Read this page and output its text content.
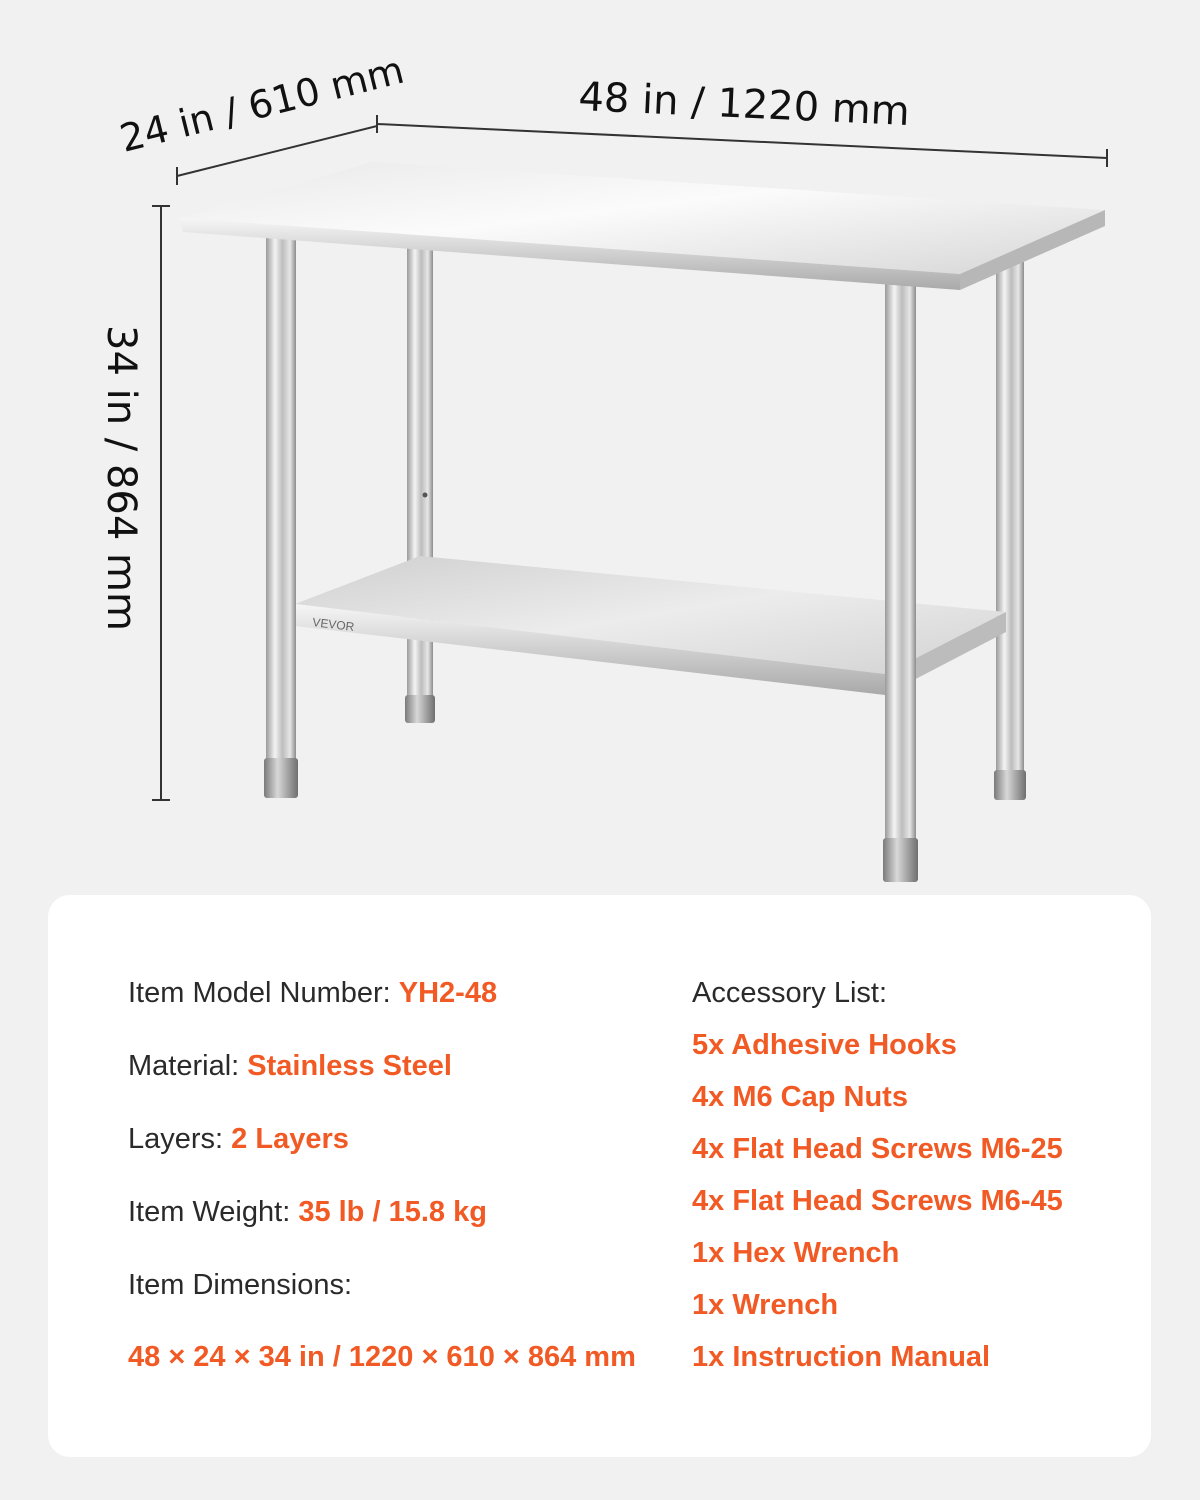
48 in / 1220 mm
24 in / 610 mm
34 in / 864 mm	VEVOR
Item Model Number: YH2-48
Material: Stainless Steel
Layers: 2 Layers
Item Weight: 35 lb / 15.8 kg
Item Dimensions:
48 × 24 × 34 in / 1220 × 610 × 864 mm
Accessory List:
5x Adhesive Hooks
4x M6 Cap Nuts
4x Flat Head Screws M6-25
4x Flat Head Screws M6-45
1x Hex Wrench
1x Wrench
1x Instruction Manual
